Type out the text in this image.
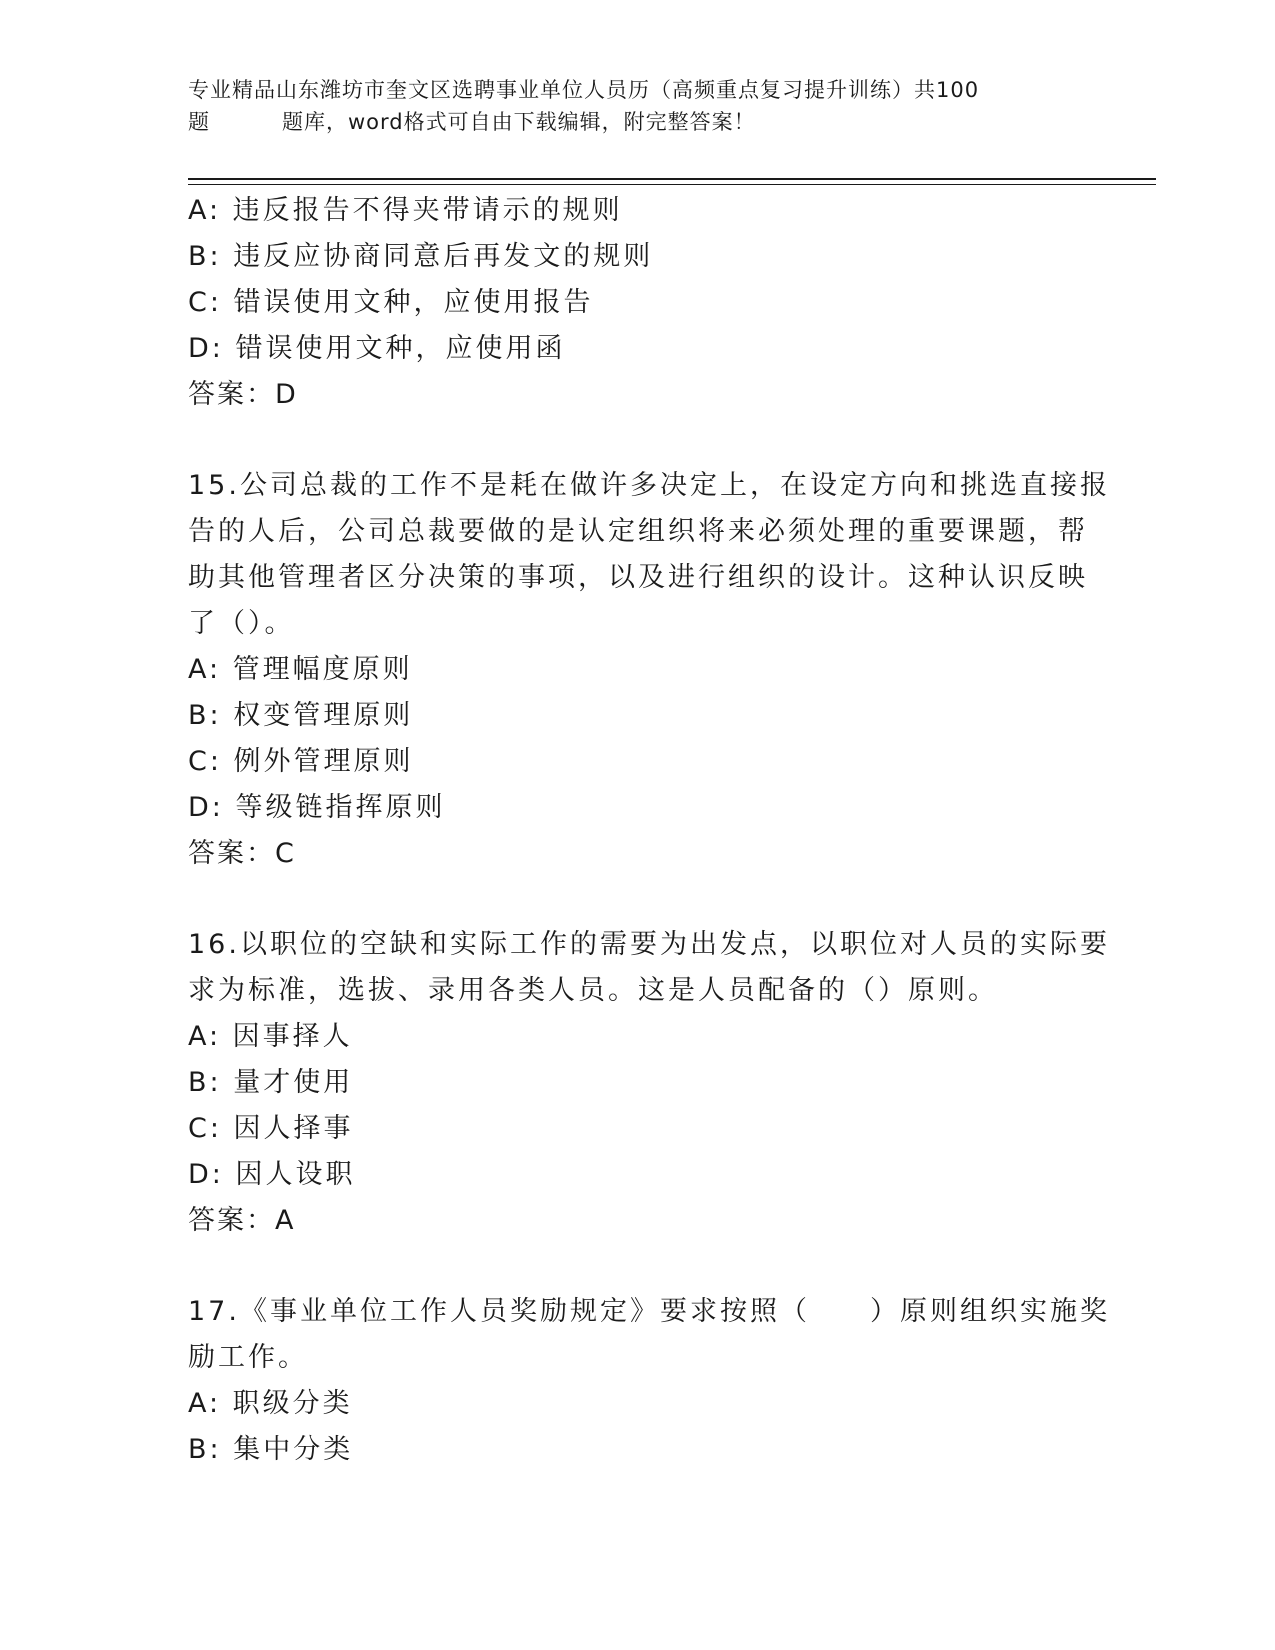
专业精品山东潍坊市奎文区选聘事业单位人员历（高频重点复习提升训练）共100

题	题库，word格式可自由下载编辑，附完整答案！
A: 违反报告不得夹带请示的规则
B: 违反应协商同意后再发文的规则
C: 错误使用文种，应使用报告
D: 错误使用文种，应使用函
答案：D
15.公司总裁的工作不是耗在做许多决定上，在设定方向和挑选直接报
告的人后，公司总裁要做的是认定组织将来必须处理的重要课题，帮
助其他管理者区分决策的事项，以及进行组织的设计。这种认识反映
了（）。
A: 管理幅度原则
B: 权变管理原则
C: 例外管理原则
D: 等级链指挥原则
答案：C
16.以职位的空缺和实际工作的需要为出发点，以职位对人员的实际要
求为标准，选拔、录用各类人员。这是人员配备的（）原则。
A: 因事择人
B: 量才使用
C: 因人择事
D: 因人设职
答案：A
17.《事业单位工作人员奖励规定》要求按照（　　）原则组织实施奖
励工作。
A: 职级分类
B: 集中分类
